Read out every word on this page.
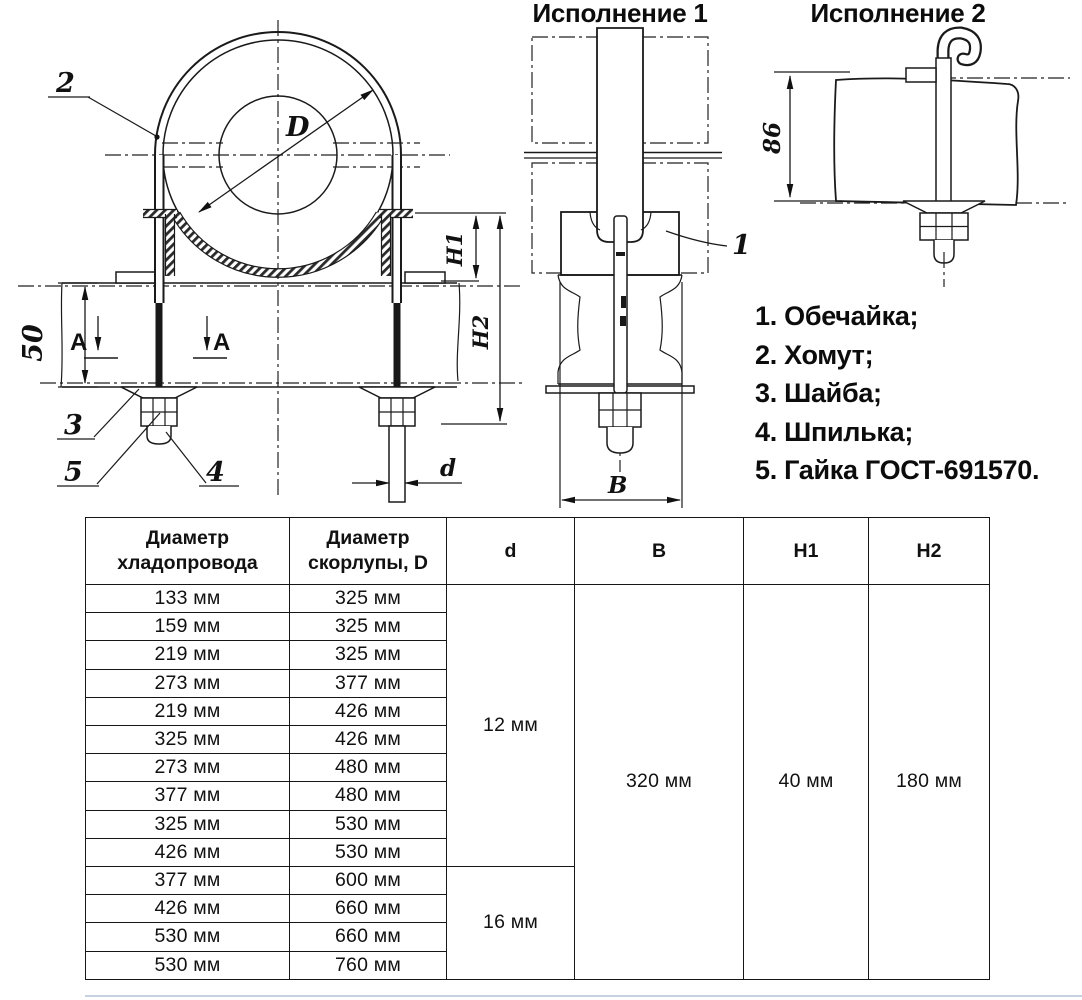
D
50
H1
H2
d
A	A
2
3
5	4
Исполнение 1
B
1
Исполнение 2
86
1. Обечайка;
2. Хомут;
3. Шайба;
4. Шпилька;
5. Гайка ГОСТ-691570.
Диаметр хладопровода	Диаметр скорлупы, D	d	B	H1	H2
133 мм	325 мм	12 мм	320 мм	40 мм	180 мм
159 мм	325 мм				
219 мм	325 мм				
273 мм	377 мм				
219 мм	426 мм				
325 мм	426 мм				
273 мм	480 мм				
377 мм	480 мм				
325 мм	530 мм				
426 мм	530 мм				
377 мм	600 мм	16 мм			
426 мм	660 мм				
530 мм	660 мм				
530 мм	760 мм				
